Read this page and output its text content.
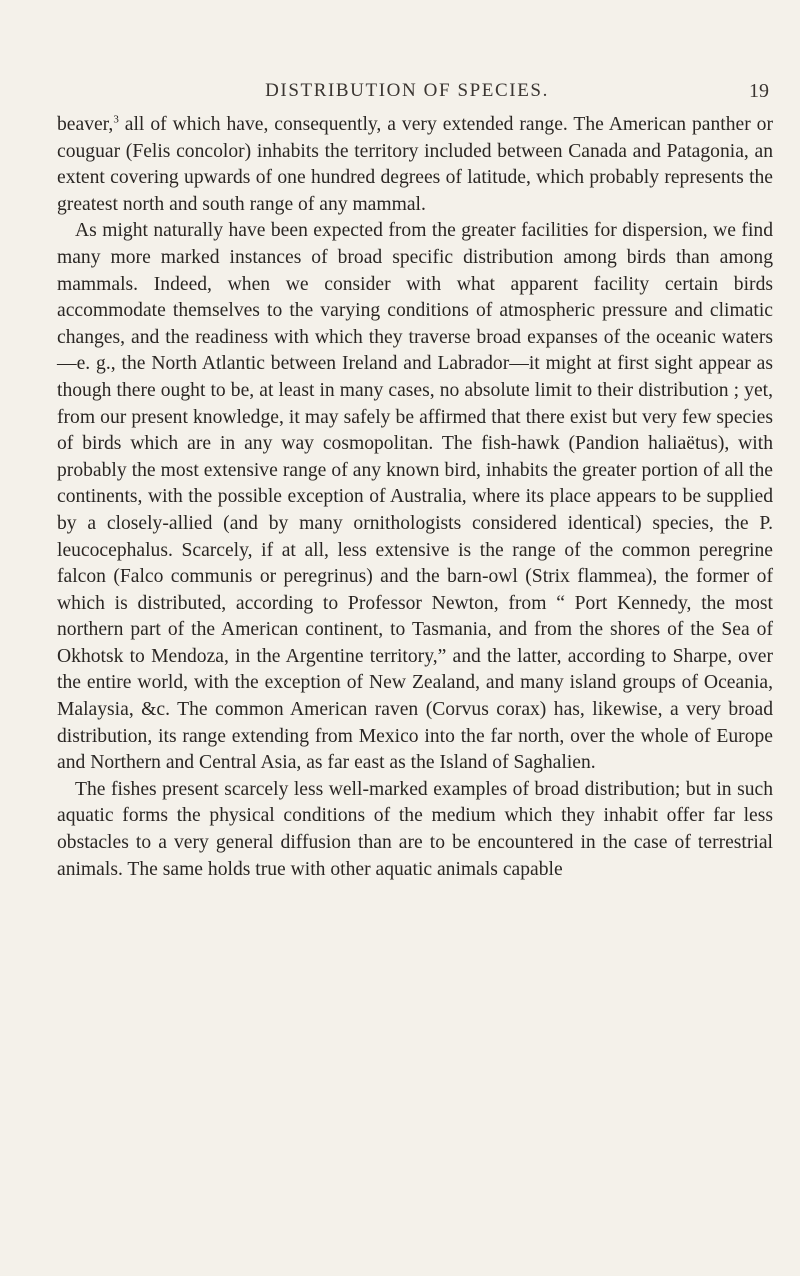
DISTRIBUTION OF SPECIES.	19

beaver,$^3$ all of which have, consequently, a very extended range. The American panther or couguar (Felis concolor) inhabits the territory included between Canada and Patagonia, an extent covering upwards of one hundred degrees of latitude, which probably represents the greatest north and south range of any mammal.

As might naturally have been expected from the greater facilities for dispersion, we find many more marked instances of broad specific distribution among birds than among mammals. Indeed, when we consider with what apparent facility certain birds accommodate themselves to the varying conditions of atmospheric pressure and climatic changes, and the readiness with which they traverse broad expanses of the oceanic waters—e. g., the North Atlantic between Ireland and Labrador—it might at first sight appear as though there ought to be, at least in many cases, no absolute limit to their distribution ; yet, from our present knowledge, it may safely be affirmed that there exist but very few species of birds which are in any way cosmopolitan. The fish-hawk (Pandion haliaëtus), with probably the most extensive range of any known bird, inhabits the greater portion of all the continents, with the possible exception of Australia, where its place appears to be supplied by a closely-allied (and by many ornithologists considered identical) species, the P. leucocephalus. Scarcely, if at all, less extensive is the range of the common peregrine falcon (Falco communis or peregrinus) and the barn-owl (Strix flammea), the former of which is distributed, according to Professor Newton, from “ Port Kennedy, the most northern part of the American continent, to Tasmania, and from the shores of the Sea of Okhotsk to Mendoza, in the Argentine territory,” and the latter, according to Sharpe, over the entire world, with the exception of New Zealand, and many island groups of Oceania, Malaysia, &c. The common American raven (Corvus corax) has, likewise, a very broad distribution, its range extending from Mexico into the far north, over the whole of Europe and Northern and Central Asia, as far east as the Island of Saghalien.

The fishes present scarcely less well-marked examples of broad distribution; but in such aquatic forms the physical conditions of the medium which they inhabit offer far less obstacles to a very general diffusion than are to be encountered in the case of terrestrial animals. The same holds true with other aquatic animals capable
